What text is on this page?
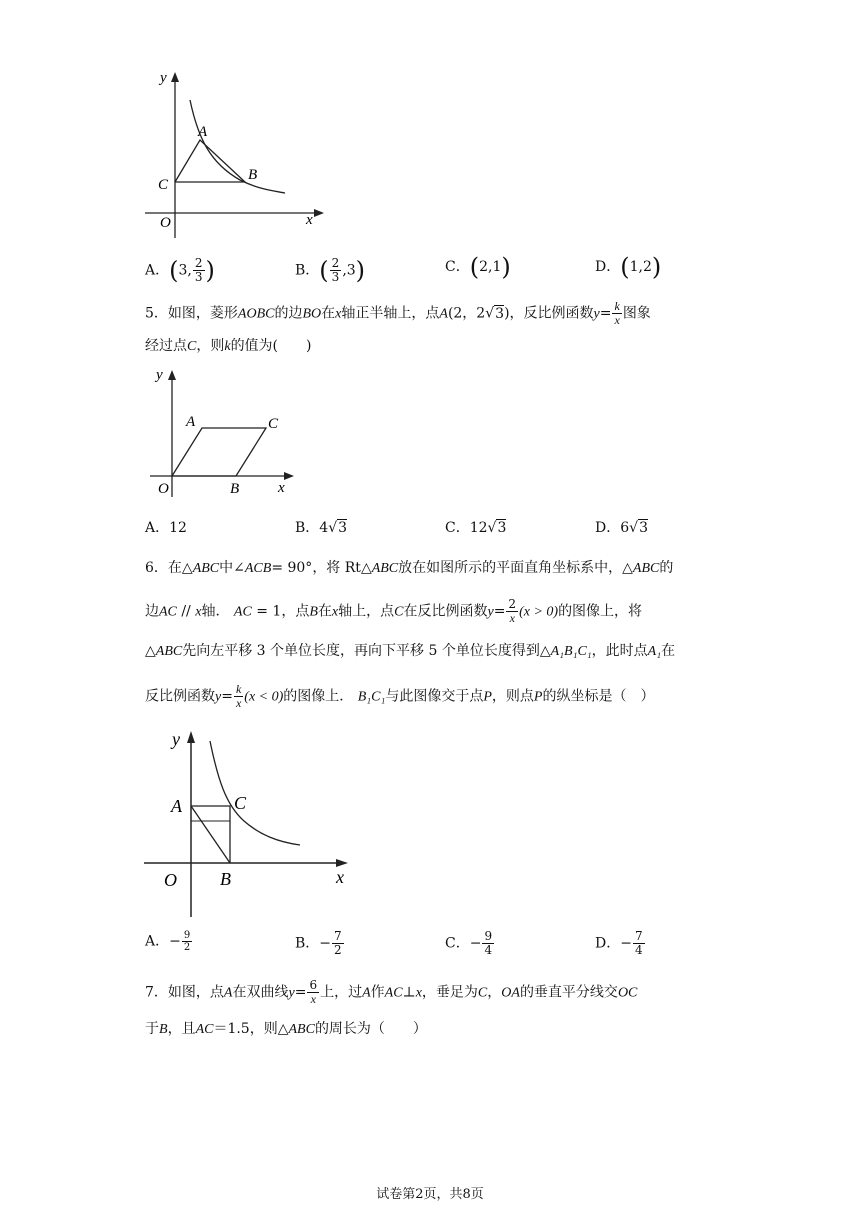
y
A
B
C
O	x
A．(3, $\frac{2}{3}$ )	B．( $\frac{2}{3} ,3$)	C．(2,1)	D．(1,2)
5．如图，菱形AOBC的边BO在x轴正半轴上，点A(2，2√3)，反比例函数$y= \frac{k}{x}$ 图象
经过点C，则k的值为(　　)
y
A	C
O	B	x
A．12	B．4√3	C．12√3	D．6√3
6．在△ABC中∠ACB= 90°，将 Rt△ABC放在如图所示的平面直角坐标系中，△ABC的
边AC // x轴． AC = 1，点B在x轴上，点C在反比例函数$y= \frac{2}{x} (x > 0)$的图像上，将
△ABC先向左平移 3 个单位长度，再向下平移 5 个单位长度得到△A₁B₁C₁，此时点A₁在
反比例函数$y= \frac{k}{x} (x < 0)$的图像上． B₁C₁与此图像交于点P，则点P的纵坐标是（　）
y
A	C
O B	x
A．− $\frac{9}{2}$	B．− $\frac{7}{2}$	C．− $\frac{9}{4}$	D．− $\frac{7}{4}$
7．如图，点A在双曲线$y= \frac{6}{x}$ 上，过A作AC⊥x，垂足为C，OA的垂直平分线交OC
于B，且AC＝1.5，则△ABC的周长为（　　）
试卷第2页，共8页
